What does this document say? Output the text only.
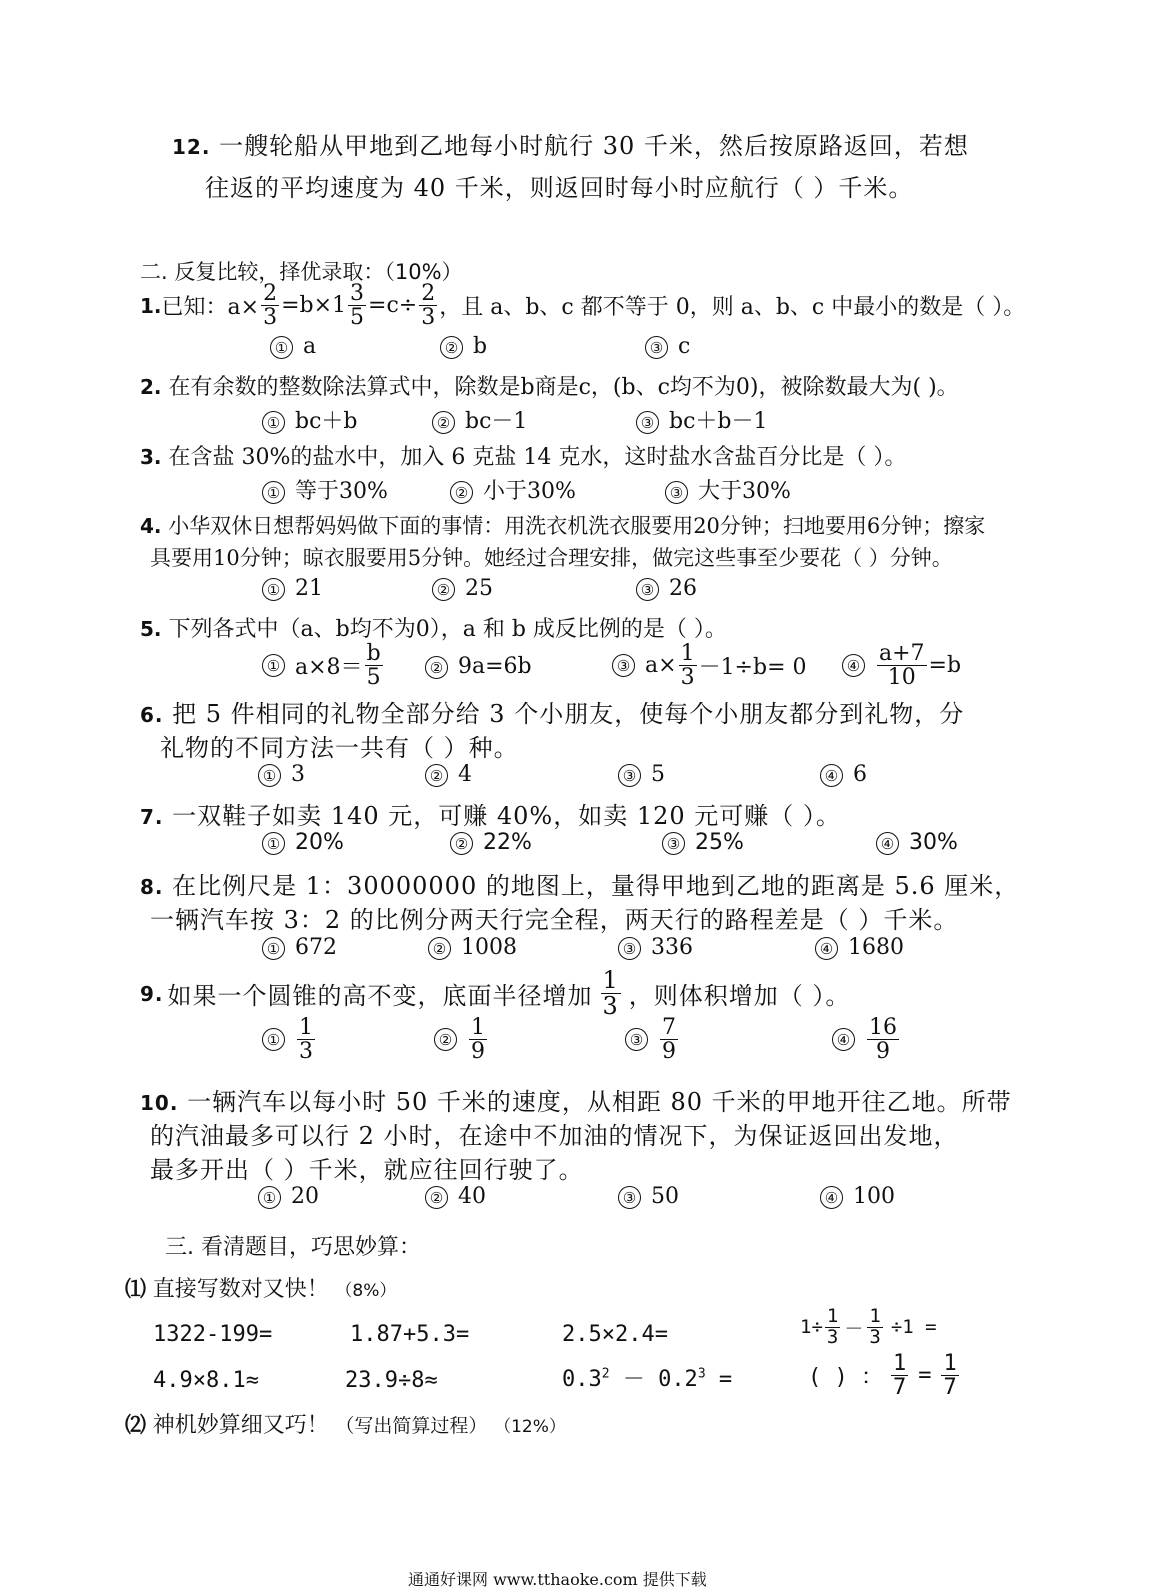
12. 一艘轮船从甲地到乙地每小时航行 30 千米，然后按原路返回，若想
往返的平均速度为 40 千米，则返回时每小时应航行（ ）千米。
二. 反复比较，择优录取：（10%）
1. 已知：$a\times \frac{2}{3} =b\times 1 \frac{3}{5} =c\div \frac{2}{3}$ ，且 a、b、c 都不等于 0，则 a、b、c 中最小的数是（ ）。
① a	② b	③ c
2. 在有余数的整数除法算式中，除数是b商是c，(b、c均不为0)，被除数最大为( )。
① bc＋b	② bc－1	③ bc＋b－1
3. 在含盐 30%的盐水中，加入 6 克盐 14 克水，这时盐水含盐百分比是（ ）。
① 等于30%	② 小于30%	③ 大于30%
4. 小华双休日想帮妈妈做下面的事情：用洗衣机洗衣服要用20分钟；扫地要用6分钟；擦家
具要用10分钟；晾衣服要用5分钟。她经过合理安排，做完这些事至少要花（ ）分钟。
① 21	② 25	③ 26
5. 下列各式中（a、b均不为0），a 和 b 成反比例的是（ ）。
① $a\times 8= \frac{b}{5}$	② 9a=6b	③ $a\times \frac{1}{3} -1\div b= 0$	④ $\frac{a+7}{10} =b$
6. 把 5 件相同的礼物全部分给 3 个小朋友，使每个小朋友都分到礼物，分
礼物的不同方法一共有（ ）种。
① 3	② 4	③ 5	④ 6
7. 一双鞋子如卖 140 元，可赚 40%，如卖 120 元可赚（ ）。
① 20%	② 22%	③ 25%	④ 30%
8. 在比例尺是 1：30000000 的地图上，量得甲地到乙地的距离是 5.6 厘米，
一辆汽车按 3：2 的比例分两天行完全程，两天行的路程差是（ ）千米。
① 672	② 1008	③ 336	④ 1680
9. 如果一个圆锥的高不变，底面半径增加 $\frac{1}{3}$ ，则体积增加（ ）。
① $\frac{1}{3}$	② $\frac{1}{9}$	③ $\frac{7}{9}$	④ $\frac{16}{9}$
10. 一辆汽车以每小时 50 千米的速度，从相距 80 千米的甲地开往乙地。所带
的汽油最多可以行 2 小时，在途中不加油的情况下，为保证返回出发地，
最多开出（ ）千米，就应往回行驶了。
① 20	② 40	③ 50	④ 100
三. 看清题目，巧思妙算：
⑴ 直接写数对又快！ （8%）
1322-199=	1.87+5.3=	2.5×2.4=	$1\div \frac{1}{3} - \frac{1}{3} \div 1$ =
4.9×8.1≈	23.9÷8≈	$0.3^2 - 0.2^3$ =	( ) ： $\frac{1}{7} = \frac{1}{7}$
⑵ 神机妙算细又巧！ （写出简算过程） （12%）
通通好课网 www.tthaoke.com 提供下载
